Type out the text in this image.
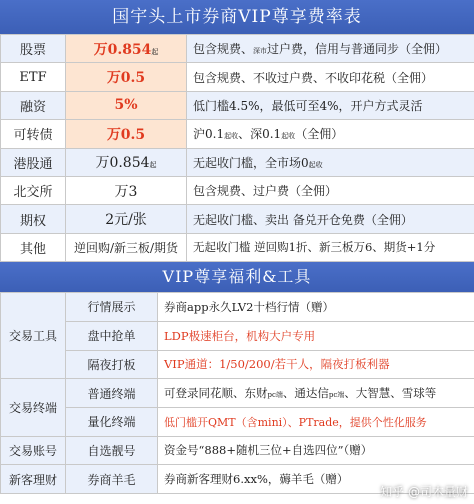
国宇头上市券商VIP尊享费率表
股票	万0.854起	包含规费、深市过户费，信用与普通同步（全佣）
ETF	万0.5	包含规费、不收过户费、不收印花税（全佣）
融资	5%	低门槛4.5%，最低可至4%，开户方式灵活
可转债	万0.5	沪0.1起收、深0.1起收（全佣）
港股通	万0.854起	无起收门槛，全市场0起收
北交所	万3	包含规费、过户费（全佣）
期权	2元/张	无起收门槛、卖出 备兑开仓免费（全佣）
其他	逆回购/新三板/期货	无起收门槛 逆回购1折、新三板万6、期货+1分
VIP尊享福利&工具
交易工具	行情展示	券商app永久LV2十档行情（赠）
	盘中抢单	LDP极速柜台，机构大户专用
	隔夜打板	VIP通道：1/50/200/若干人，隔夜打板利器
交易终端	普通终端	可登录同花顺、东财pc端、通达信pc端、大智慧、雪球等
	量化终端	低门槛开QMT（含mini）、PTrade，提供个性化服务
交易账号	自选靓号	资金号“888+随机三位+自选四位”（赠）
新客理财	券商羊毛	券商新客理财6.xx%，薅羊毛（赠）
知乎 @司木量财
